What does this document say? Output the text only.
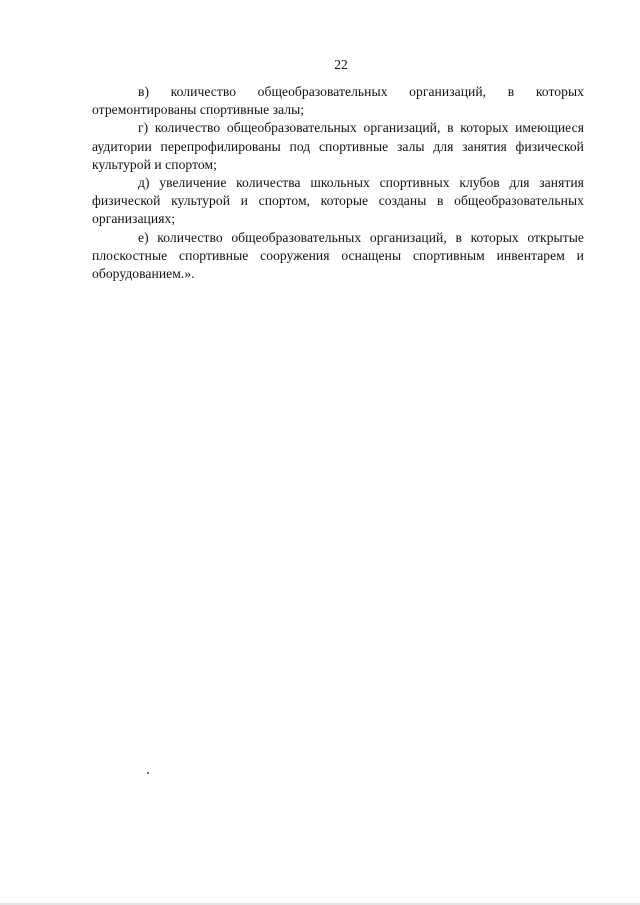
22

в)   количество   общеобразовательных   организаций,   в   которых

отремонтированы спортивные залы;

г) количество общеобразовательных организаций, в которых имеющиеся аудитории перепрофилированы под спортивные залы для занятия физической культурой и спортом;

д) увеличение количества школьных спортивных клубов для занятия физической культурой и спортом, которые созданы в общеобразовательных организациях;

е) количество общеобразовательных организаций, в которых открытые плоскостные спортивные сооружения оснащены спортивным инвентарем и оборудованием.».
